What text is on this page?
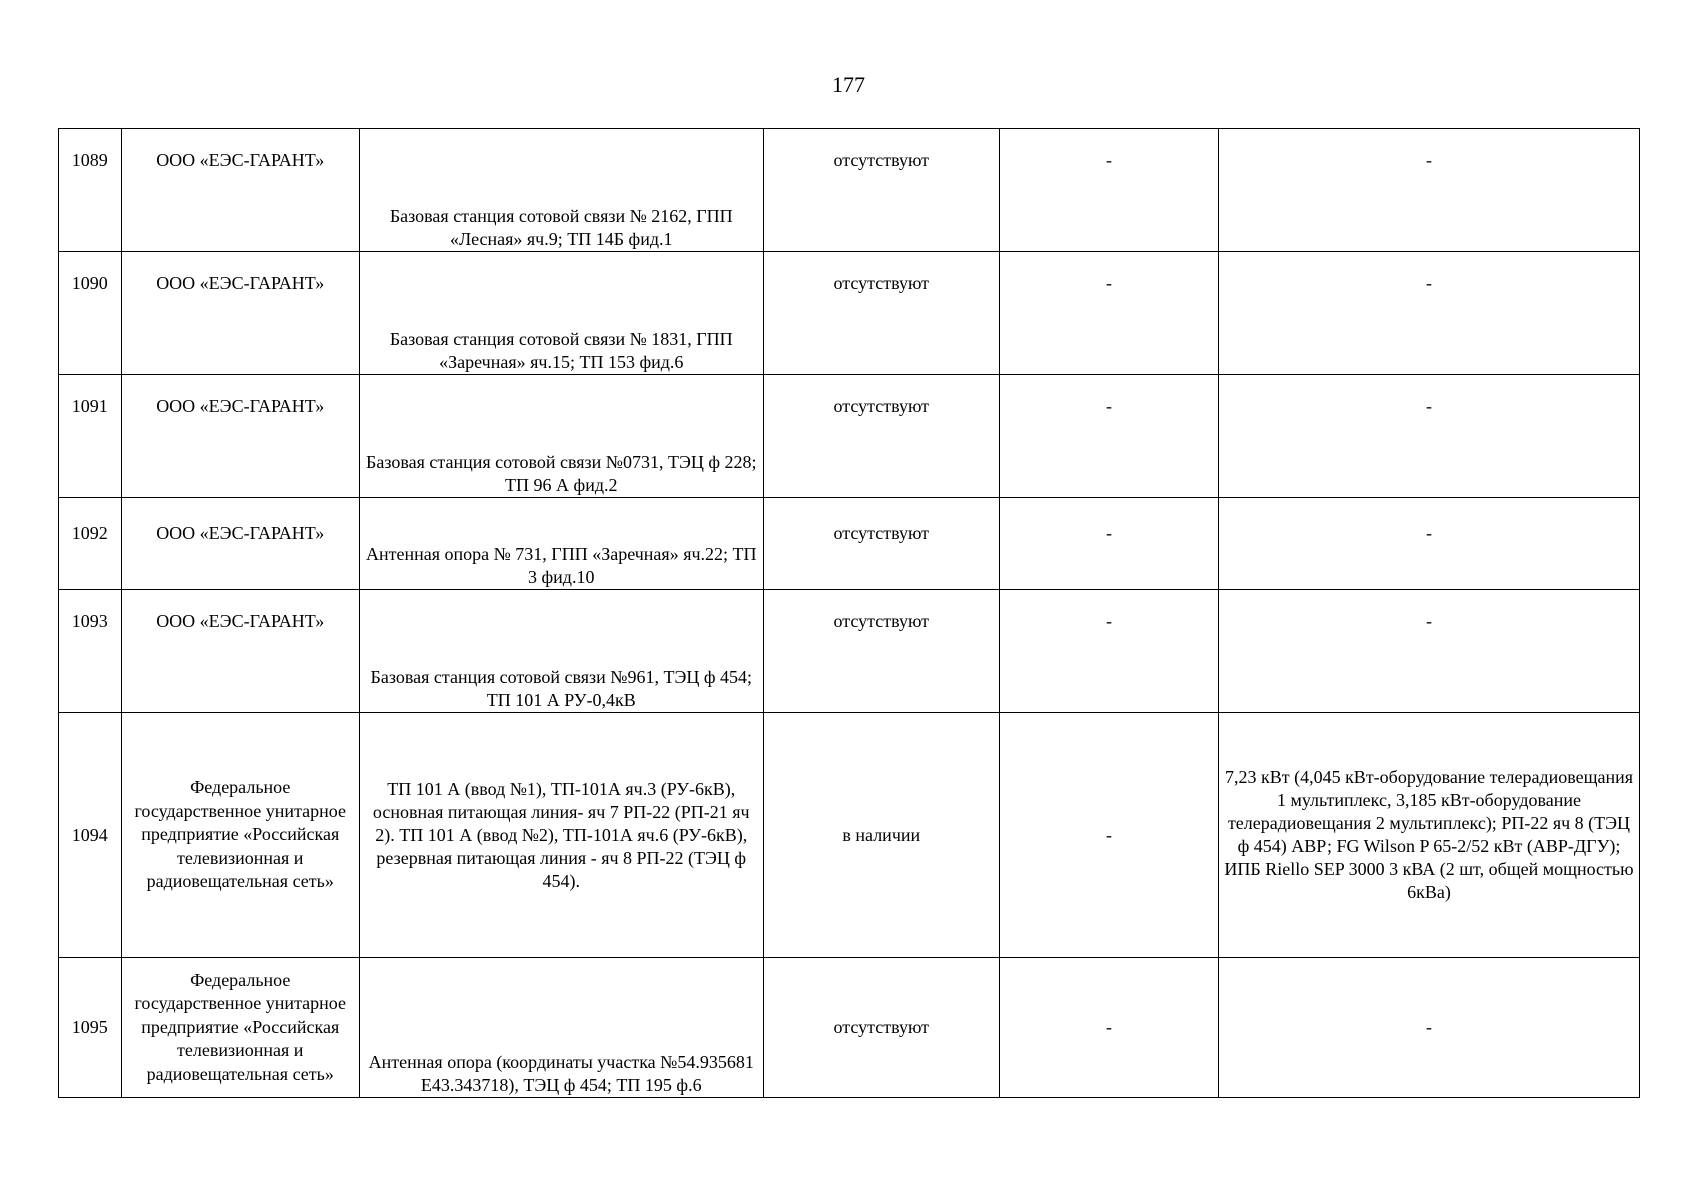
177
1089	ООО «ЕЭС-ГАРАНТ»	Базовая станция сотовой связи № 2162, ГПП «Лесная» яч.9; ТП 14Б фид.1	отсутствуют	-	-
1090	ООО «ЕЭС-ГАРАНТ»	Базовая станция сотовой связи № 1831, ГПП «Заречная» яч.15; ТП 153 фид.6	отсутствуют	-	-
1091	ООО «ЕЭС-ГАРАНТ»	Базовая станция сотовой связи №0731, ТЭЦ ф 228; ТП 96 А фид.2	отсутствуют	-	-
1092	ООО «ЕЭС-ГАРАНТ»	Антенная опора № 731, ГПП «Заречная» яч.22; ТП 3 фид.10	отсутствуют	-	-
1093	ООО «ЕЭС-ГАРАНТ»	Базовая станция сотовой связи №961, ТЭЦ ф 454; ТП 101 А РУ-0,4кВ	отсутствуют	-	-
1094	Федеральное государственное унитарное предприятие «Российская телевизионная и радиовещательная сеть»	ТП 101 А (ввод №1), ТП-101А яч.3 (РУ-6кВ), основная питающая линия- яч 7 РП-22 (РП-21 яч 2). ТП 101 А (ввод №2), ТП-101А яч.6 (РУ-6кВ), резервная питающая линия - яч 8 РП-22 (ТЭЦ ф 454).	в наличии	-	7,23 кВт (4,045 кВт-оборудование телерадиовещания 1 мультиплекс, 3,185 кВт-оборудование телерадиовещания 2 мультиплекс); РП-22 яч 8 (ТЭЦ ф 454) АВР; FG Wilson P 65-2/52 кВт (АВР-ДГУ); ИПБ Riello SEP 3000 3 кВА (2 шт, общей мощностью 6кВа)

1095	Федеральное государственное унитарное предприятие «Российская телевизионная и радиовещательная сеть»	Антенная опора (координаты участка №54.935681 E43.343718), ТЭЦ ф 454; ТП 195 ф.6	отсутствуют	-	-
